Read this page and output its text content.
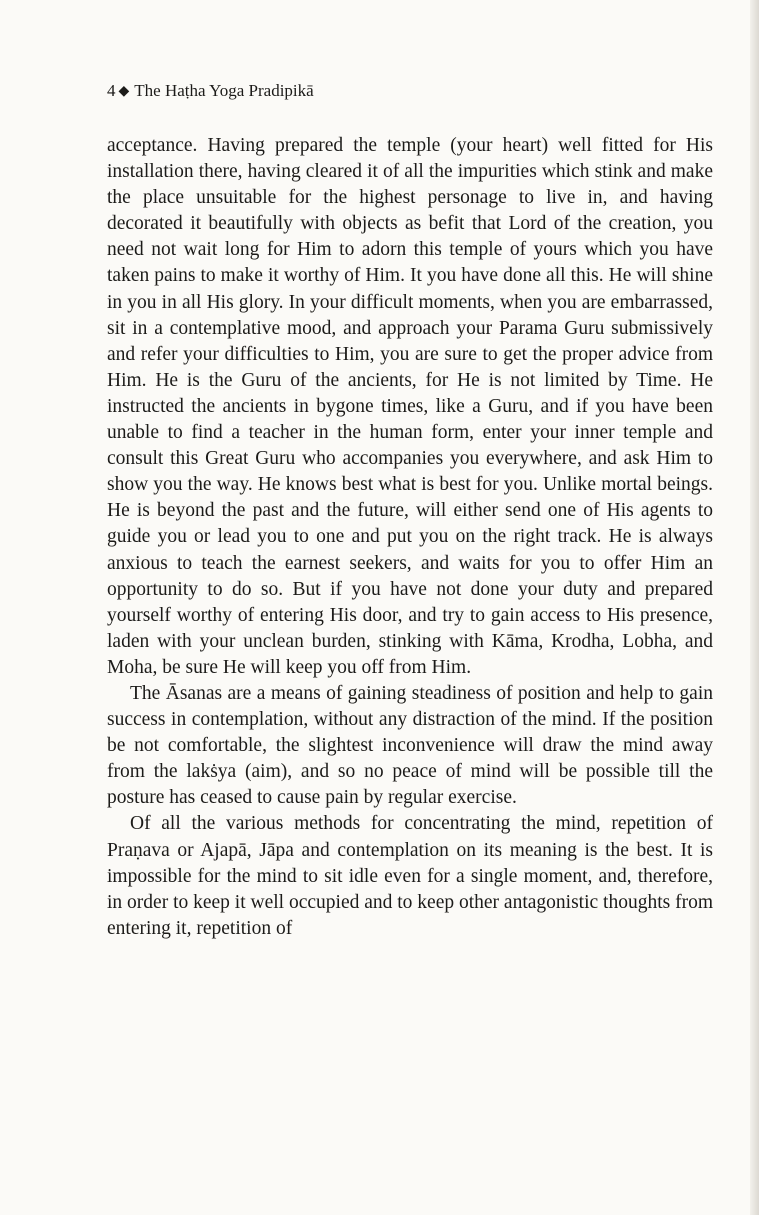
4 ◆ The Haṭha Yoga Pradipikā

acceptance. Having prepared the temple (your heart) well fitted for His installation there, having cleared it of all the impurities which stink and make the place unsuitable for the highest personage to live in, and having decorated it beautifully with objects as befit that Lord of the creation, you need not wait long for Him to adorn this temple of yours which you have taken pains to make it worthy of Him. It you have done all this. He will shine in you in all His glory. In your difficult moments, when you are embarrassed, sit in a contemplative mood, and approach your Parama Guru submissively and refer your difficulties to Him, you are sure to get the proper advice from Him. He is the Guru of the ancients, for He is not limited by Time. He instructed the ancients in bygone times, like a Guru, and if you have been unable to find a teacher in the human form, enter your inner temple and consult this Great Guru who accompanies you everywhere, and ask Him to show you the way. He knows best what is best for you. Unlike mortal beings. He is beyond the past and the future, will either send one of His agents to guide you or lead you to one and put you on the right track. He is always anxious to teach the earnest seekers, and waits for you to offer Him an opportunity to do so. But if you have not done your duty and prepared yourself worthy of entering His door, and try to gain access to His presence, laden with your unclean burden, stinking with Kāma, Krodha, Lobha, and Moha, be sure He will keep you off from Him.

The Āsanas are a means of gaining steadiness of position and help to gain success in contemplation, without any distraction of the mind. If the position be not comfortable, the slightest inconvenience will draw the mind away from the lakṡya (aim), and so no peace of mind will be possible till the posture has ceased to cause pain by regular exercise.

Of all the various methods for concentrating the mind, repetition of Praṇava or Ajapā, Jāpa and contemplation on its meaning is the best. It is impossible for the mind to sit idle even for a single moment, and, therefore, in order to keep it well occupied and to keep other antagonistic thoughts from entering it, repetition of
